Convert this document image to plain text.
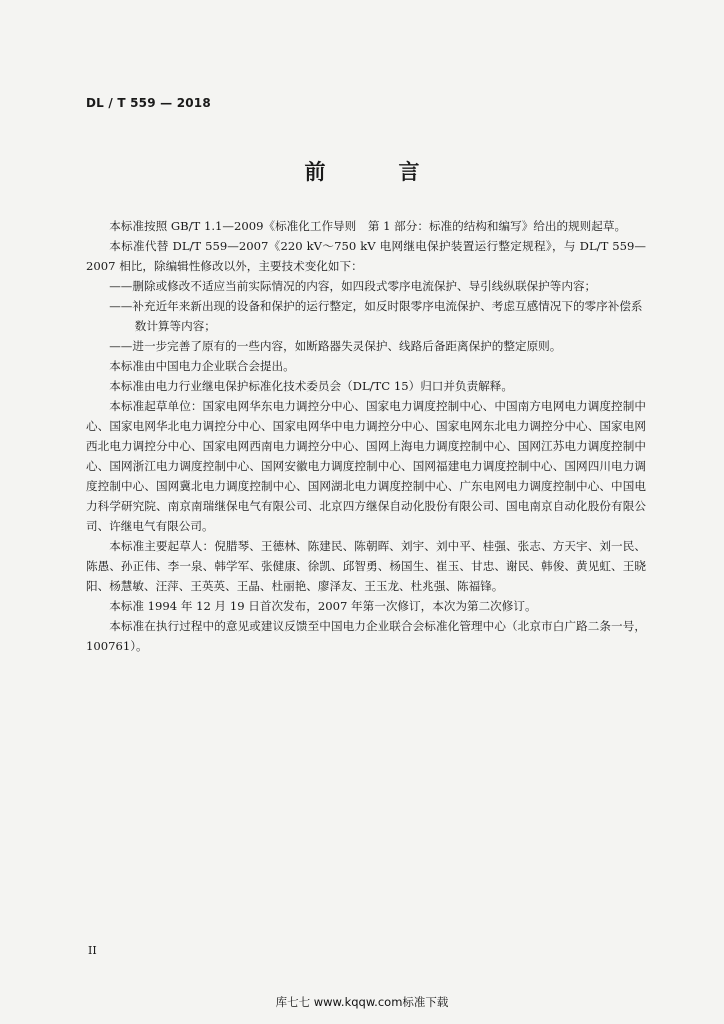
DL / T 559 — 2018
前　言

本标准按照 GB/T 1.1—2009《标准化工作导则　第 1 部分：标准的结构和编写》给出的规则起草。

本标准代替 DL/T 559—2007《220 kV～750 kV 电网继电保护装置运行整定规程》，与 DL/T 559—2007 相比，除编辑性修改以外，主要技术变化如下：

——删除或修改不适应当前实际情况的内容，如四段式零序电流保护、导引线纵联保护等内容；

——补充近年来新出现的设备和保护的运行整定，如反时限零序电流保护、考虑互感情况下的零序补偿系数计算等内容；

——进一步完善了原有的一些内容，如断路器失灵保护、线路后备距离保护的整定原则。

本标准由中国电力企业联合会提出。

本标准由电力行业继电保护标准化技术委员会（DL/TC 15）归口并负责解释。

本标准起草单位：国家电网华东电力调控分中心、国家电力调度控制中心、中国南方电网电力调度控制中心、国家电网华北电力调控分中心、国家电网华中电力调控分中心、国家电网东北电力调控分中心、国家电网西北电力调控分中心、国家电网西南电力调控分中心、国网上海电力调度控制中心、国网江苏电力调度控制中心、国网浙江电力调度控制中心、国网安徽电力调度控制中心、国网福建电力调度控制中心、国网四川电力调度控制中心、国网冀北电力调度控制中心、国网湖北电力调度控制中心、广东电网电力调度控制中心、中国电力科学研究院、南京南瑞继保电气有限公司、北京四方继保自动化股份有限公司、国电南京自动化股份有限公司、许继电气有限公司。

本标准主要起草人：倪腊琴、王德林、陈建民、陈朝晖、刘宇、刘中平、桂强、张志、方天宇、刘一民、陈愚、孙正伟、李一泉、韩学军、张健康、徐凯、邱智勇、杨国生、崔玉、甘忠、谢民、韩俊、黄见虹、王晓阳、杨慧敏、汪萍、王英英、王晶、杜丽艳、廖泽友、王玉龙、杜兆强、陈福锋。

本标准 1994 年 12 月 19 日首次发布，2007 年第一次修订，本次为第二次修订。

本标准在执行过程中的意见或建议反馈至中国电力企业联合会标准化管理中心（北京市白广路二条一号，100761）。

II
库七七 www.kqqw.com标准下载
